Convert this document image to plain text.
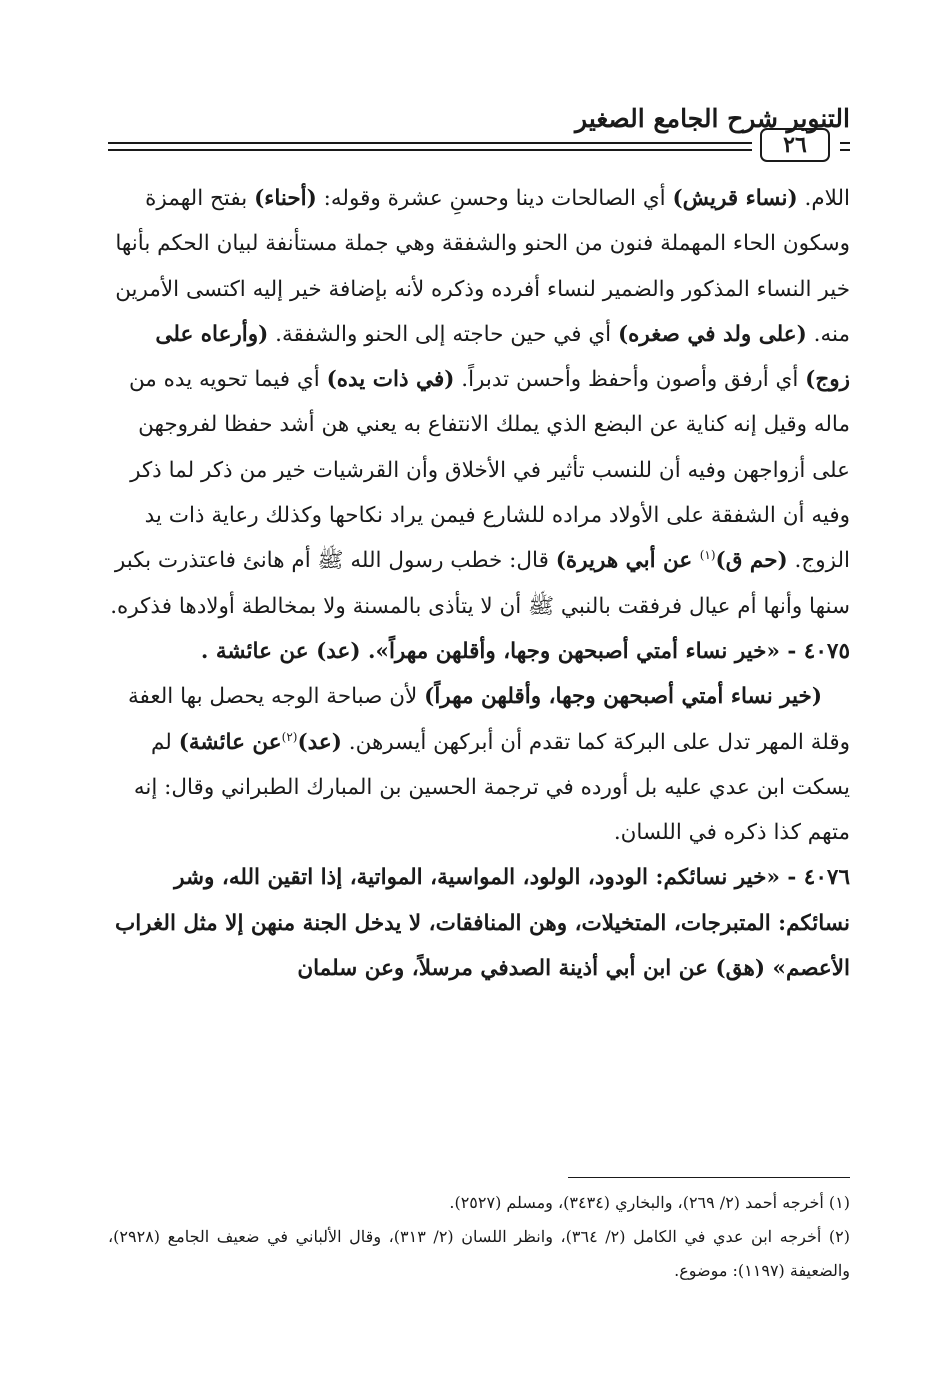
التنوير شرح الجامع الصغير
٢٦

اللام. (نساء قريش) أي الصالحات دينا وحسنِ عشرة وقوله: (أحناء) بفتح الهمزة وسكون الحاء المهملة فنون من الحنو والشفقة وهي جملة مستأنفة لبيان الحكم بأنها خير النساء المذكور والضمير لنساء أفرده وذكره لأنه بإضافة خير إليه اكتسى الأمرين منه. (على ولد في صغره) أي في حين حاجته إلى الحنو والشفقة. (وأرعاه على زوج) أي أرفق وأصون وأحفظ وأحسن تدبراً. (في ذات يده) أي فيما تحويه يده من ماله وقيل إنه كناية عن البضع الذي يملك الانتفاع به يعني هن أشد حفظا لفروجهن على أزواجهن وفيه أن للنسب تأثير في الأخلاق وأن القرشيات خير من ذكر لما ذكر وفيه أن الشفقة على الأولاد مراده للشارع فيمن يراد نكاحها وكذلك رعاية ذات يد الزوج. (حم ق)$^{(١)}$ عن أبي هريرة) قال: خطب رسول الله ﷺ أم هانئ فاعتذرت بكبر سنها وأنها أم عيال فرفقت بالنبي ﷺ أن لا يتأذى بالمسنة ولا بمخالطة أولادها فذكره.

٤٠٧٥ - «خير نساء أمتي أصبحهن وجها، وأقلهن مهراً». (عد) عن عائشة .

(خير نساء أمتي أصبحهن وجها، وأقلهن مهراً) لأن صباحة الوجه يحصل بها العفة وقلة المهر تدل على البركة كما تقدم أن أبركهن أيسرهن. (عد)$^{(٢)}$عن عائشة) لم يسكت ابن عدي عليه بل أورده في ترجمة الحسين بن المبارك الطبراني وقال: إنه متهم كذا ذكره في اللسان.

٤٠٧٦ - «خير نسائكم: الودود، الولود، المواسية، المواتية، إذا اتقين الله، وشر نسائكم: المتبرجات، المتخيلات، وهن المنافقات، لا يدخل الجنة منهن إلا مثل الغراب الأعصم» (هق) عن ابن أبي أذينة الصدفي مرسلاً، وعن سلمان

(١) أخرجه أحمد (٢/ ٢٦٩)، والبخاري (٣٤٣٤)، ومسلم (٢٥٢٧).

(٢) أخرجه ابن عدي في الكامل (٢/ ٣٦٤)، وانظر اللسان (٢/ ٣١٣)، وقال الألباني في ضعيف الجامع (٢٩٢٨)، والضعيفة (١١٩٧): موضوع.
